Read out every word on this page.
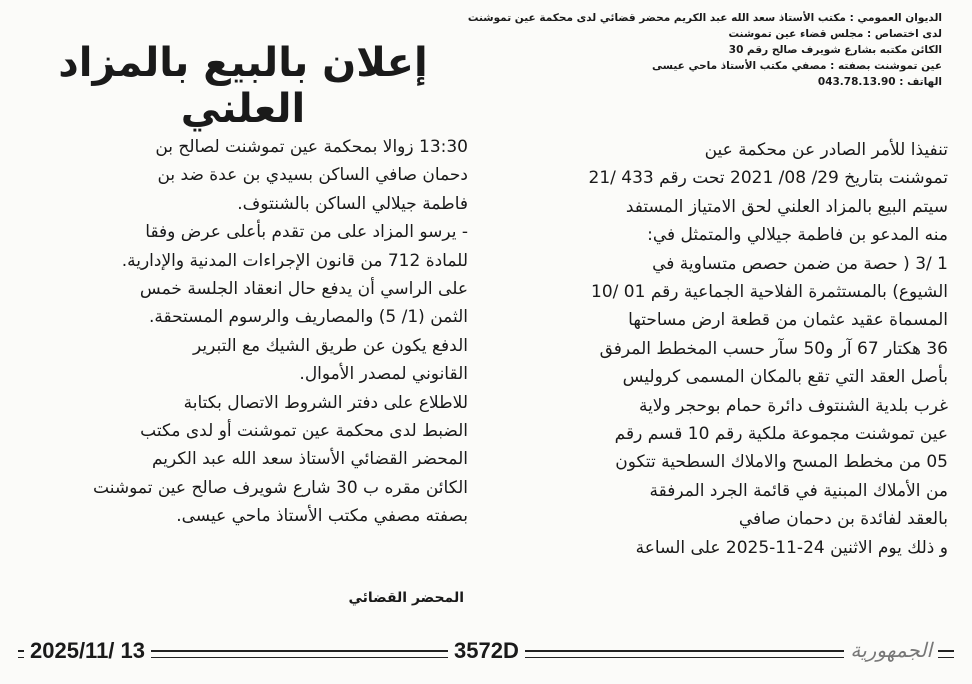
الديوان العمومي : مكتب الأستاذ سعد الله عبد الكريم محضر قضائي لدى محكمة عين تموشنت
لدى اختصاص : مجلس قضاء عين تموشنت
الكائن مكتبه بشارع شويرف صالح رقم 30
عين تموشنت بصفته : مصفي مكتب الأستاذ ماحي عيسى
الهاتف : 043.78.13.90
إعلان بالبيع بالمزاد العلني

تنفيذا للأمر الصادر عن محكمة عين

تموشنت بتاريخ 29/ 08/ 2021 تحت رقم 433 /21

سيتم البيع بالمزاد العلني لحق الامتياز المستفد

منه المدعو بن فاطمة جيلالي والمتمثل في:

1 /3 ( حصة من ضمن حصص متساوية في

الشيوع) بالمستثمرة الفلاحية الجماعية رقم 01 /10

المسماة عقيد عثمان من قطعة ارض مساحتها

36 هكتار 67 آر و50 سآر حسب المخطط المرفق

بأصل العقد التي تقع بالمكان المسمى كروليس

غرب بلدية الشنتوف دائرة حمام بوحجر ولاية

عين تموشنت مجموعة ملكية رقم 10 قسم رقم

05 من مخطط المسح والاملاك السطحية تتكون

من الأملاك المبنية في قائمة الجرد المرفقة

بالعقد لفائدة بن دحمان صافي

و ذلك يوم الاثنين 24-11-2025 على الساعة

13:30 زوالا بمحكمة عين تموشنت لصالح بن

دحمان صافي الساكن بسيدي بن عدة ضد بن

فاطمة جيلالي الساكن بالشنتوف.

- يرسو المزاد على من تقدم بأعلى عرض وفقا

للمادة 712 من قانون الإجراءات المدنية والإدارية.

على الراسي أن يدفع حال انعقاد الجلسة خمس

الثمن (1/ 5) والمصاريف والرسوم المستحقة.

الدفع يكون عن طريق الشيك مع التبرير

القانوني لمصدر الأموال.

للاطلاع على دفتر الشروط الاتصال بكتابة

الضبط لدى محكمة عين تموشنت أو لدى مكتب

المحضر القضائي الأستاذ سعد الله عبد الكريم

الكائن مقره ب 30 شارع شويرف صالح عين تموشنت

بصفته مصفي مكتب الأستاذ ماحي عيسى.

المحضر القضائي
2025/11/ 13	3572D	الجمهورية
